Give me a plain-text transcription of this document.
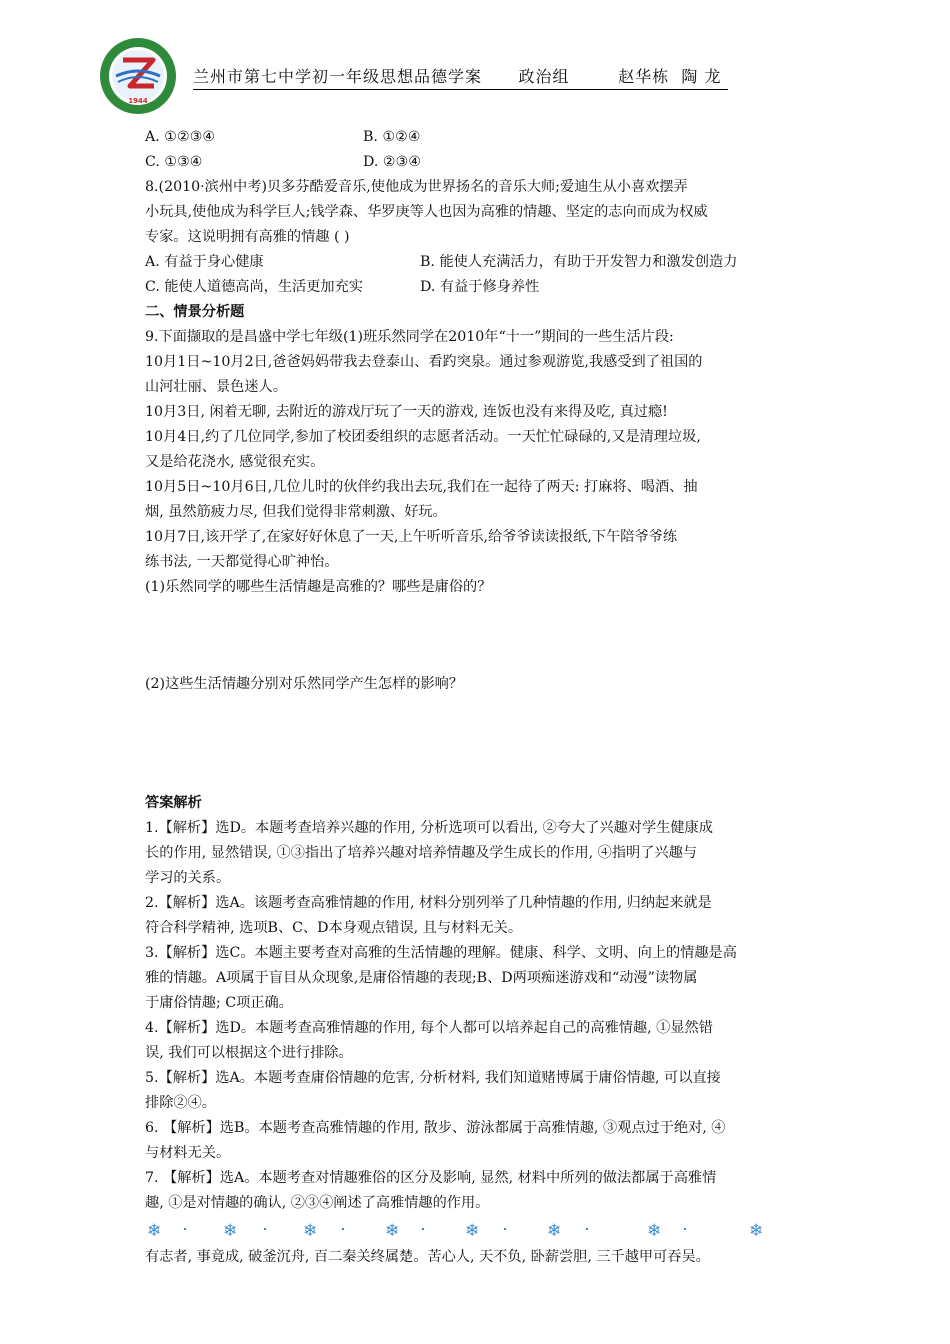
1944
兰州市第七中学初一年级思想品德学案      政治组        赵华栋  陶 龙
A. ①②③④	B. ①②④
C. ①③④	D. ②③④
8.(2010·滨州中考)贝多芬酷爱音乐,使他成为世界扬名的音乐大师;爱迪生从小喜欢摆弄
小玩具,使他成为科学巨人;钱学森、华罗庚等人也因为高雅的情趣、坚定的志向而成为权威
专家。这说明拥有高雅的情趣 ( )
A. 有益于身心健康	B. 能使人充满活力，有助于开发智力和激发创造力
C. 能使人道德高尚，生活更加充实	D. 有益于修身养性
二、情景分析题
9.下面撷取的是昌盛中学七年级(1)班乐然同学在2010年“十一”期间的一些生活片段:
10月1日~10月2日,爸爸妈妈带我去登泰山、看趵突泉。通过参观游览,我感受到了祖国的
山河壮丽、景色迷人。
10月3日, 闲着无聊, 去附近的游戏厅玩了一天的游戏, 连饭也没有来得及吃, 真过瘾!
10月4日,约了几位同学,参加了校团委组织的志愿者活动。一天忙忙碌碌的,又是清理垃圾,
又是给花浇水, 感觉很充实。
10月5日~10月6日,几位儿时的伙伴约我出去玩,我们在一起待了两天: 打麻将、喝酒、抽
烟, 虽然筋疲力尽, 但我们觉得非常刺激、好玩。
10月7日,该开学了,在家好好休息了一天,上午听听音乐,给爷爷读读报纸,下午陪爷爷练
练书法, 一天都觉得心旷神怡。
(1)乐然同学的哪些生活情趣是高雅的？哪些是庸俗的？
(2)这些生活情趣分别对乐然同学产生怎样的影响？
答案解析
1.【解析】选D。本题考查培养兴趣的作用, 分析选项可以看出, ②夸大了兴趣对学生健康成
长的作用, 显然错误, ①③指出了培养兴趣对培养情趣及学生成长的作用, ④指明了兴趣与
学习的关系。
2.【解析】选A。该题考查高雅情趣的作用, 材料分别列举了几种情趣的作用, 归纳起来就是
符合科学精神, 选项B、C、D本身观点错误, 且与材料无关。
3.【解析】选C。本题主要考查对高雅的生活情趣的理解。健康、科学、文明、向上的情趣是高
雅的情趣。A项属于盲目从众现象,是庸俗情趣的表现;B、D两项痴迷游戏和“动漫”读物属
于庸俗情趣; C项正确。
4.【解析】选D。本题考查高雅情趣的作用, 每个人都可以培养起自己的高雅情趣, ①显然错
误, 我们可以根据这个进行排除。
5.【解析】选A。本题考查庸俗情趣的危害, 分析材料, 我们知道赌博属于庸俗情趣, 可以直接
排除②④。
6. 【解析】选B。本题考查高雅情趣的作用, 散步、游泳都属于高雅情趣, ③观点过于绝对, ④
与材料无关。
7. 【解析】选A。本题考查对情趣雅俗的区分及影响, 显然, 材料中所列的做法都属于高雅情
趣, ①是对情趣的确认, ②③④阐述了高雅情趣的作用。
❄ · ❄ · ❄ · ❄ · ❄ · ❄ ·	❄ ·	❄
有志者, 事竟成, 破釜沉舟, 百二秦关终属楚。苦心人, 天不负, 卧薪尝胆, 三千越甲可吞吴。
